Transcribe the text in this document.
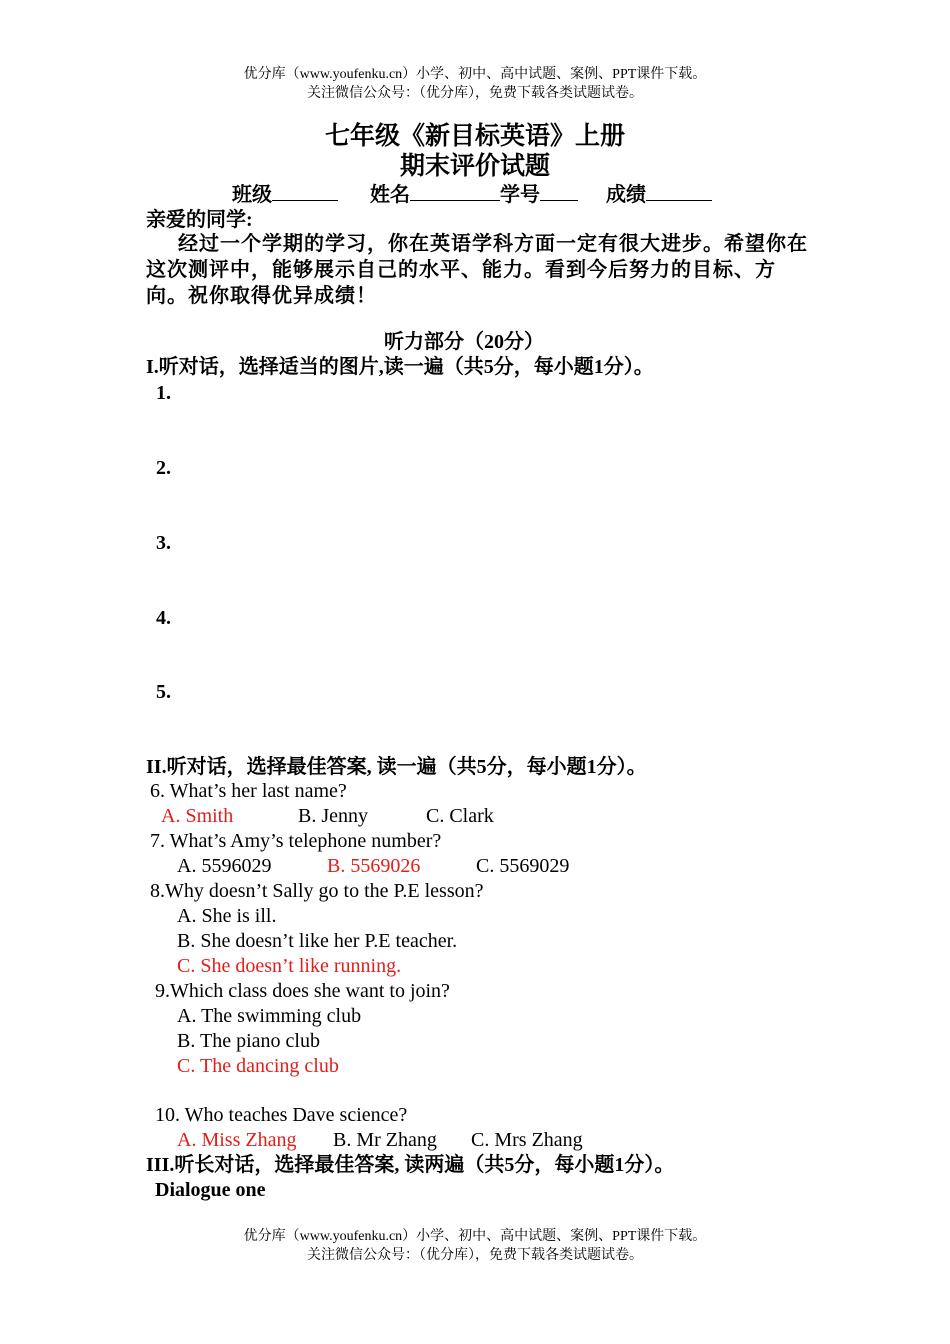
优分库（www.youfenku.cn）小学、初中、高中试题、案例、PPT课件下载。
关注微信公众号：（优分库），免费下载各类试题试卷。
七年级《新目标英语》上册
期末评价试题
班级	姓名	学号	成绩
亲爱的同学:
经过一个学期的学习，你在英语学科方面一定有很大进步。希望你在这次测评中，能够展示自己的水平、能力。看到今后努力的目标、方向。祝你取得优异成绩！
听力部分（20分）
I.听对话，选择适当的图片,读一遍（共5分，每小题1分）。
1.
2.
3.
4.
5.
II.听对话，选择最佳答案, 读一遍（共5分，每小题1分）。
6. What’s her last name?
A. Smith	B. Jenny	C. Clark
7. What’s Amy’s telephone number?
A. 5596029	B. 5569026	C. 5569029
8.Why doesn’t Sally go to the P.E lesson?
A. She is ill.
B. She doesn’t like her P.E teacher.
C. She doesn’t like running.
9.Which class does she want to join?
A. The swimming club
B. The piano club
C. The dancing club
10. Who teaches Dave science?
A. Miss Zhang B. Mr Zhang C. Mrs Zhang
III.听长对话，选择最佳答案, 读两遍（共5分，每小题1分）。
Dialogue one
优分库（www.youfenku.cn）小学、初中、高中试题、案例、PPT课件下载。
关注微信公众号：（优分库），免费下载各类试题试卷。
